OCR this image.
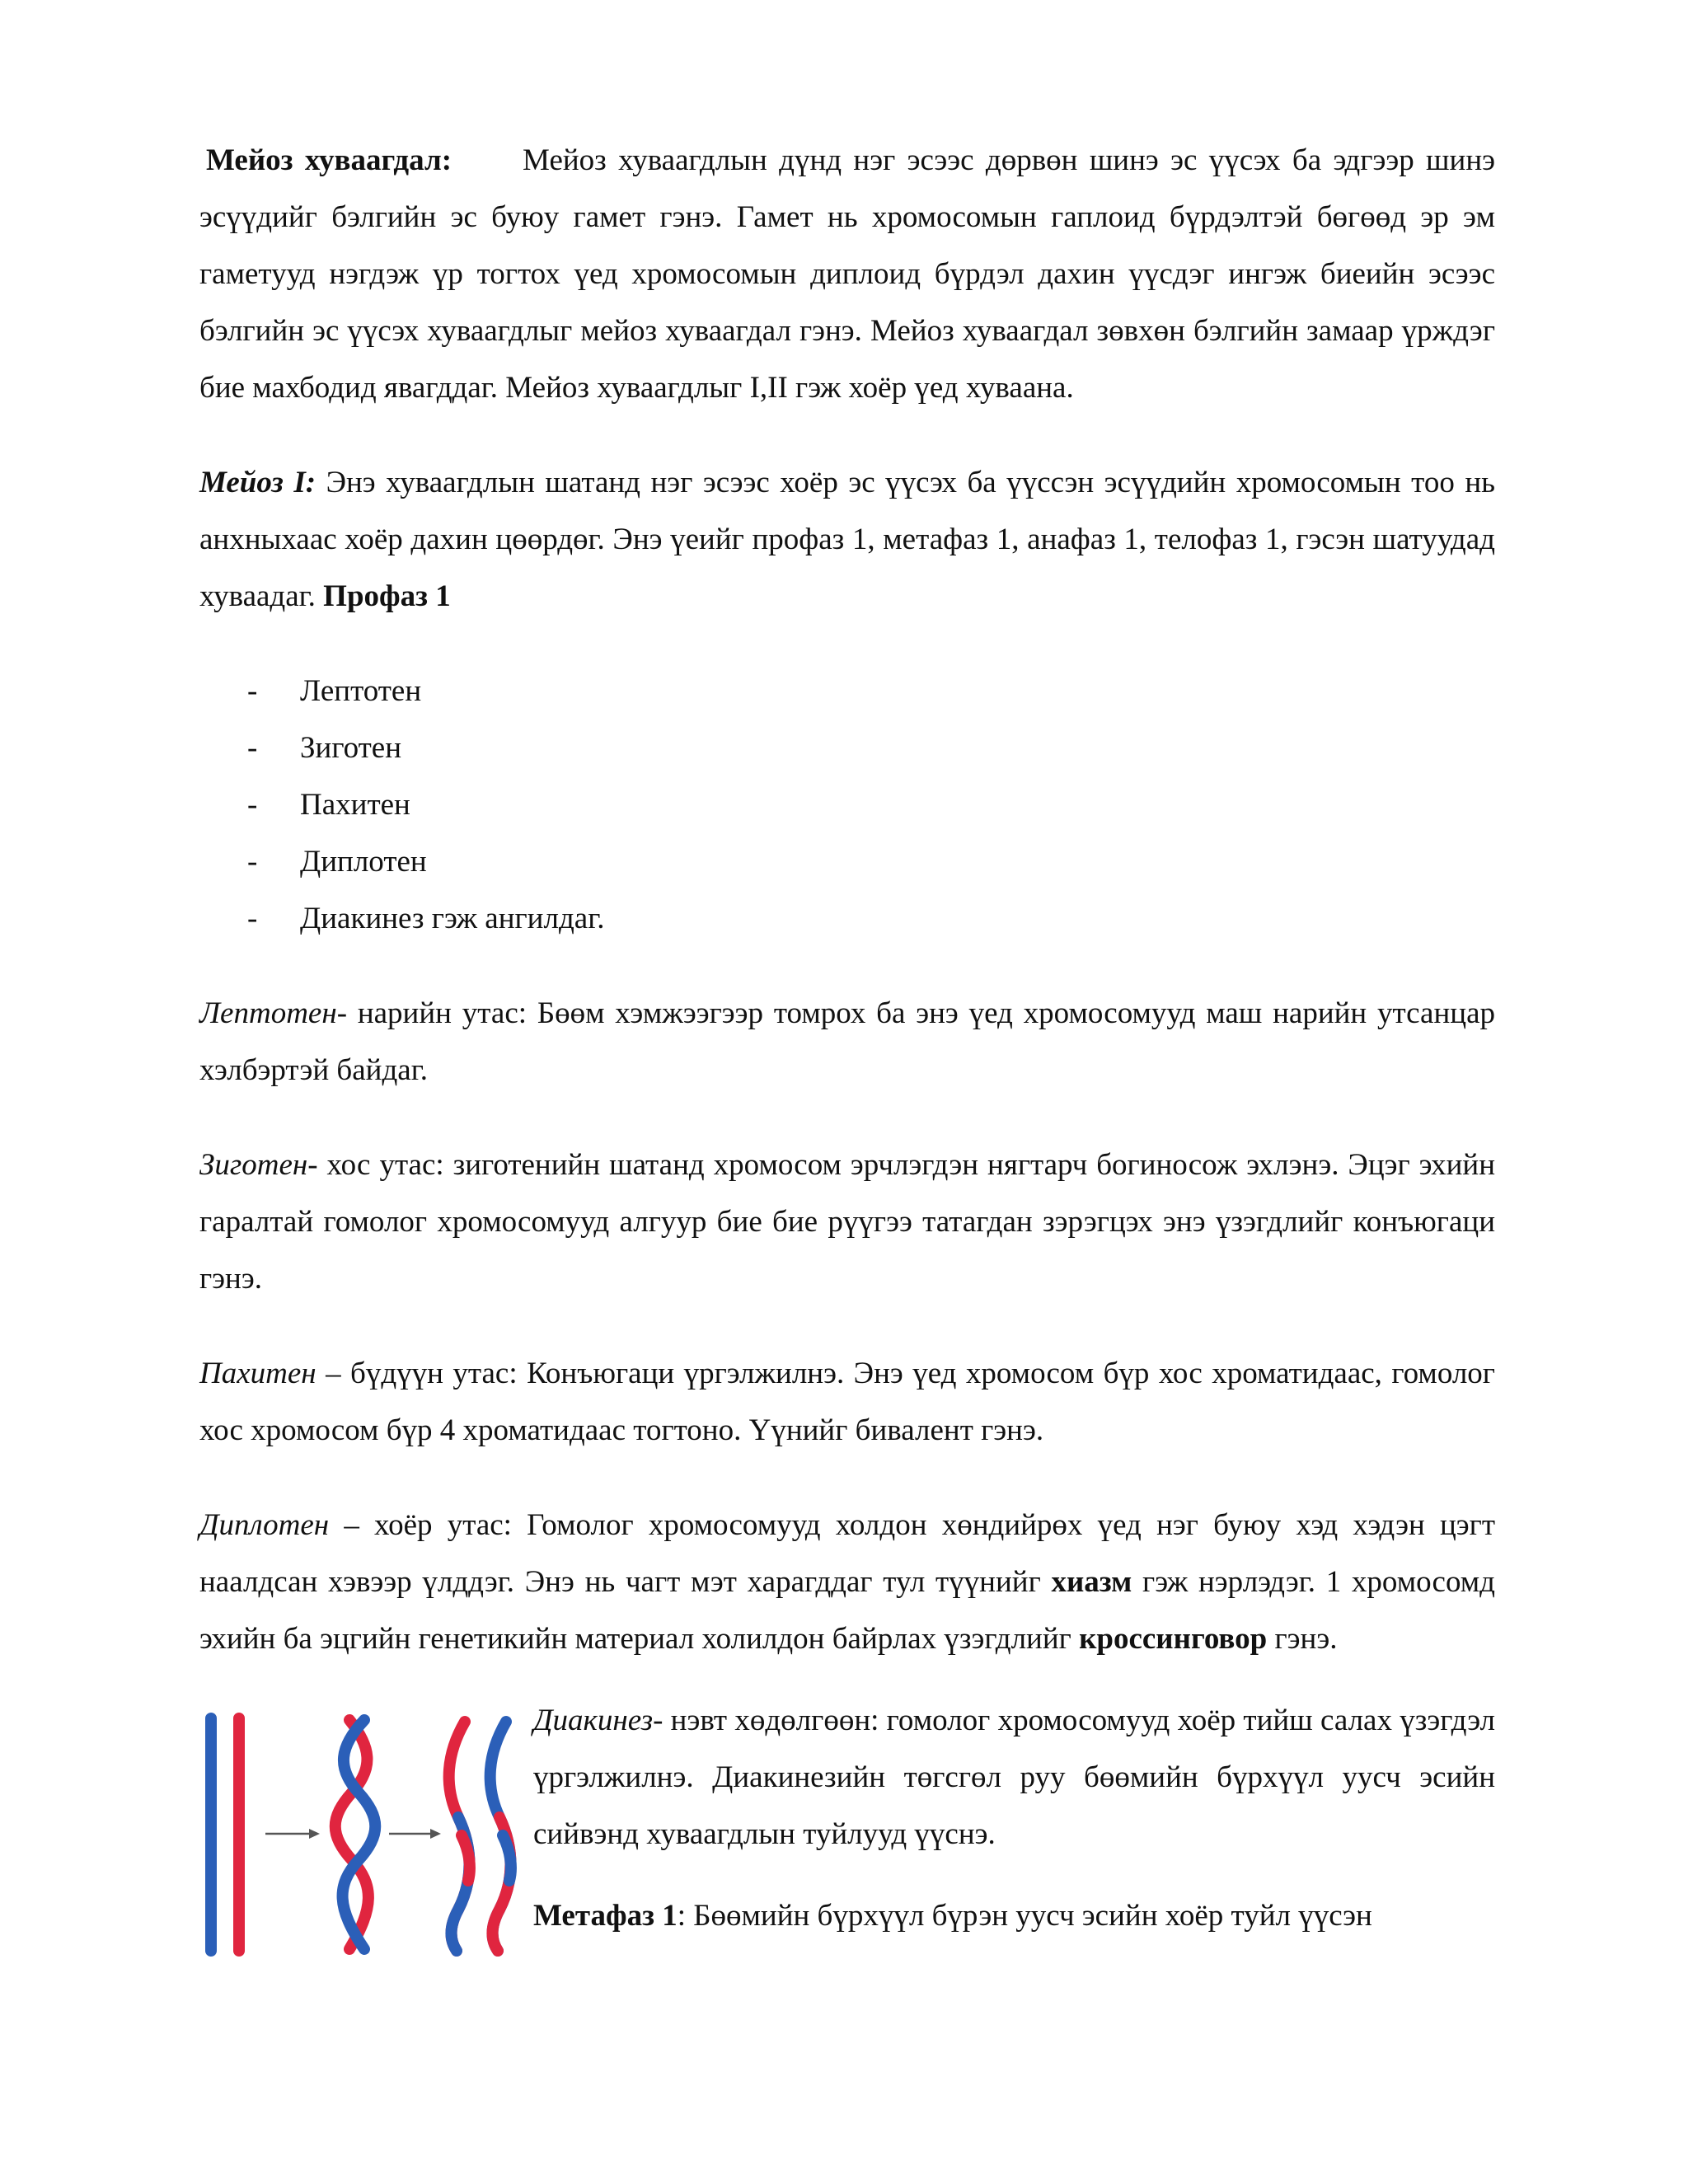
Мейоз хуваагдал: Мейоз хуваагдлын дүнд нэг эсээс дөрвөн шинэ эс үүсэх ба эдгээр шинэ эсүүдийг бэлгийн эс буюу гамет гэнэ. Гамет нь хромосомын гаплоид бүрдэлтэй бөгөөд эр эм гаметууд нэгдэж үр тогтох үед хромосомын диплоид бүрдэл дахин үүсдэг ингэж биеийн эсээс бэлгийн эс үүсэх хуваагдлыг мейоз хуваагдал гэнэ. Мейоз хуваагдал зөвхөн бэлгийн замаар үрждэг бие махбодид явагддаг. Мейоз хуваагдлыг I,II гэж хоёр үед хуваана.

Мейоз I: Энэ хуваагдлын шатанд нэг эсээс хоёр эс үүсэх ба үүссэн эсүүдийн хромосомын тоо нь анхныхаас хоёр дахин цөөрдөг. Энэ үеийг профаз 1, метафаз 1, анафаз 1, телофаз 1, гэсэн шатуудад хуваадаг. Профаз 1

-	Лептотен
-	Зиготен
-	Пахитен
-	Диплотен
-	Диакинез гэж ангилдаг.

Лептотен- нарийн утас: Бөөм хэмжээгээр томрох ба энэ үед хромосомууд маш нарийн утсанцар хэлбэртэй байдаг.

Зиготен- хос утас: зиготенийн шатанд хромосом эрчлэгдэн нягтарч богиносож эхлэнэ. Эцэг эхийн гаралтай гомолог хромосомууд алгуур бие бие рүүгээ татагдан зэрэгцэх энэ үзэгдлийг конъюгаци гэнэ.

Пахитен – бүдүүн утас: Конъюгаци үргэлжилнэ. Энэ үед хромосом бүр хос хроматидаас, гомолог хос хромосом бүр 4 хроматидаас тогтоно. Үүнийг бивалент гэнэ.

Диплотен – хоёр утас: Гомолог хромосомууд холдон хөндийрөх үед нэг буюу хэд хэдэн цэгт наалдсан хэвээр үлддэг. Энэ нь чагт мэт харагддаг тул түүнийг хиазм гэж нэрлэдэг. 1 хромосомд эхийн ба эцгийн генетикийн материал холилдон байрлах үзэгдлийг кроссинговор гэнэ.

Диакинез- нэвт хөдөлгөөн: гомолог хромосомууд хоёр тийш салах үзэгдэл үргэлжилнэ. Диакинезийн төгсгөл руу бөөмийн бүрхүүл уусч эсийн сийвэнд хуваагдлын туйлууд үүснэ.

Метафаз 1: Бөөмийн бүрхүүл бүрэн уусч эсийн хоёр туйл үүсэн
